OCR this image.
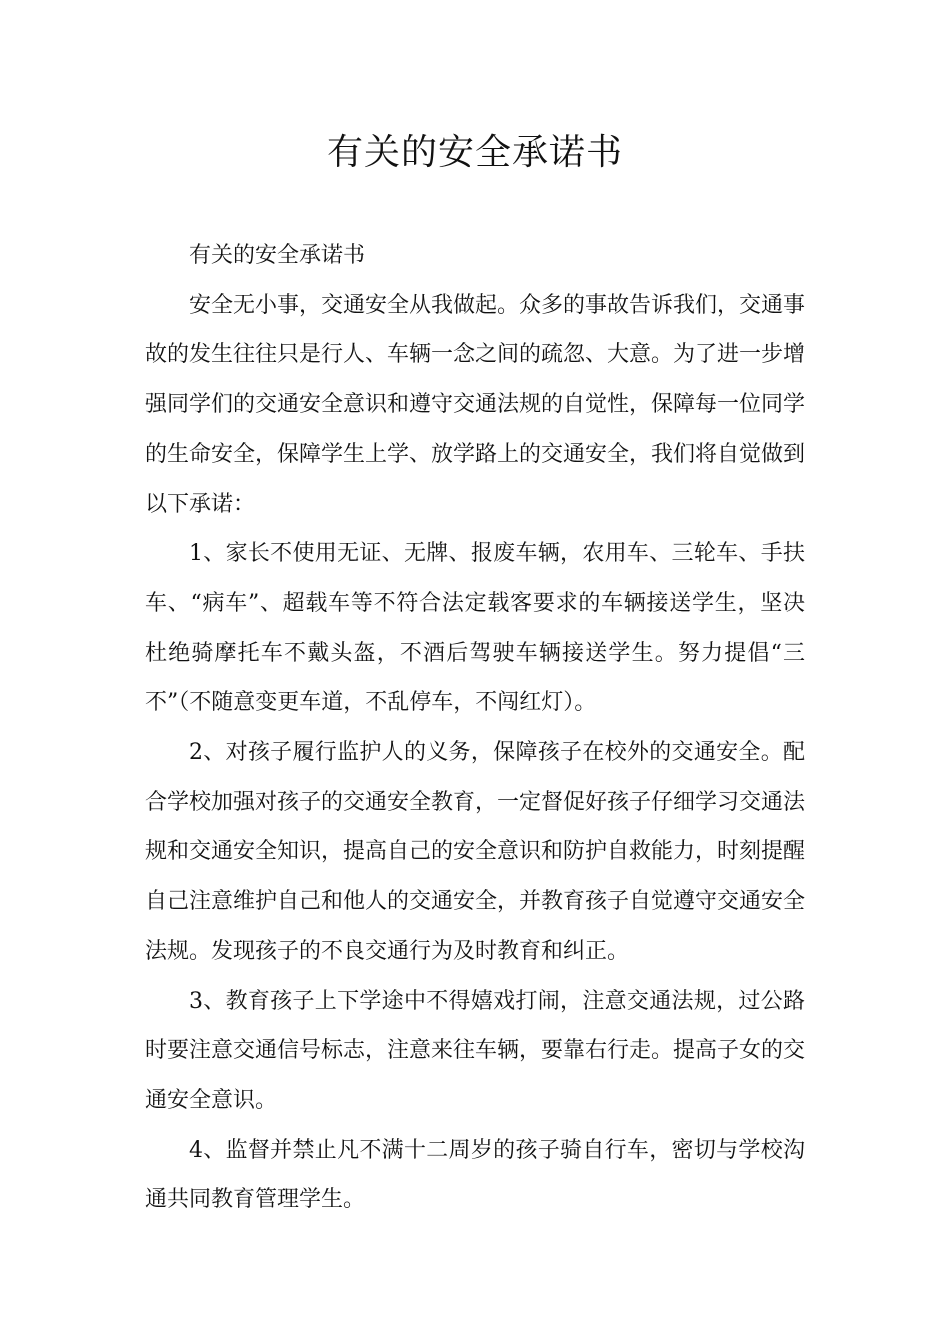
有关的安全承诺书

有关的安全承诺书

安全无小事，交通安全从我做起。众多的事故告诉我们，交通事故的发生往往只是行人、车辆一念之间的疏忽、大意。为了进一步增强同学们的交通安全意识和遵守交通法规的自觉性，保障每一位同学的生命安全，保障学生上学、放学路上的交通安全，我们将自觉做到以下承诺：

1、家长不使用无证、无牌、报废车辆，农用车、三轮车、手扶车、“病车”、超载车等不符合法定载客要求的车辆接送学生，坚决杜绝骑摩托车不戴头盔，不酒后驾驶车辆接送学生。努力提倡“三不”（不随意变更车道，不乱停车，不闯红灯）。

2、对孩子履行监护人的义务，保障孩子在校外的交通安全。配合学校加强对孩子的交通安全教育，一定督促好孩子仔细学习交通法规和交通安全知识，提高自己的安全意识和防护自救能力，时刻提醒自己注意维护自己和他人的交通安全，并教育孩子自觉遵守交通安全法规。发现孩子的不良交通行为及时教育和纠正。

3、教育孩子上下学途中不得嬉戏打闹，注意交通法规，过公路时要注意交通信号标志，注意来往车辆，要靠右行走。提高子女的交通安全意识。

4、监督并禁止凡不满十二周岁的孩子骑自行车，密切与学校沟通共同教育管理学生。
